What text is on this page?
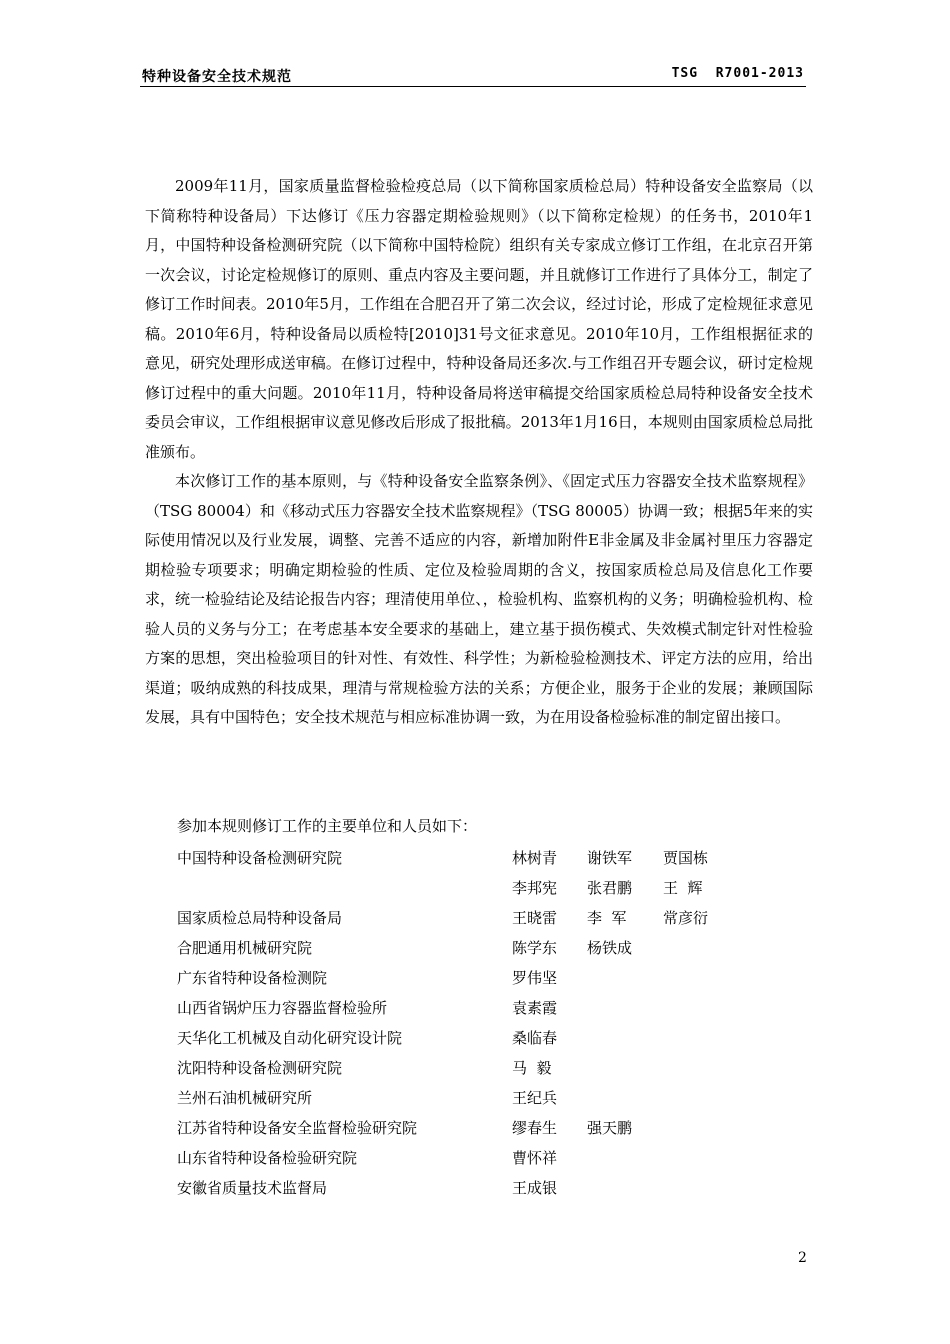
特种设备安全技术规范	TSG  R7001-2013

2009年11月，国家质量监督检验检疫总局（以下简称国家质检总局）特种设备安全监察局（以下简称特种设备局）下达修订《压力容器定期检验规则》（以下简称定检规）的任务书，2010年1月，中国特种设备检测研究院（以下简称中国特检院）组织有关专家成立修订工作组，在北京召开第一次会议，讨论定检规修订的原则、重点内容及主要问题，并且就修订工作进行了具体分工，制定了修订工作时间表。2010年5月，工作组在合肥召开了第二次会议，经过讨论，形成了定检规征求意见稿。2010年6月，特种设备局以质检特[2010]31号文征求意见。2010年10月，工作组根据征求的意见，研究处理形成送审稿。在修订过程中，特种设备局还多次.与工作组召开专题会议，研讨定检规修订过程中的重大问题。2010年11月，特种设备局将送审稿提交给国家质检总局特种设备安全技术委员会审议，工作组根据审议意见修改后形成了报批稿。2013年1月16日，本规则由国家质检总局批准颁布。

本次修订工作的基本原则，与《特种设备安全监察条例》、《固定式压力容器安全技术监察规程》（TSG 80004）和《移动式压力容器安全技术监察规程》（TSG 80005）协调一致；根据5年来的实际使用情况以及行业发展，调整、完善不适应的内容，新增加附件E非金属及非金属衬里压力容器定期检验专项要求；明确定期检验的性质、定位及检验周期的含义，按国家质检总局及信息化工作要求，统一检验结论及结论报告内容；理清使用单位、，检验机构、监察机构的义务；明确检验机构、检验人员的义务与分工；在考虑基本安全要求的基础上，建立基于损伤模式、失效模式制定针对性检验方案的思想，突出检验项目的针对性、有效性、科学性；为新检验检测技术、评定方法的应用，给出渠道；吸纳成熟的科技成果，理清与常规检验方法的关系；方便企业，服务于企业的发展；兼顾国际发展，具有中国特色；安全技术规范与相应标准协调一致，为在用设备检验标准的制定留出接口。

参加本规则修订工作的主要单位和人员如下：
中国特种设备检测研究院	林树青 谢铁军 贾国栋
李邦宪 张君鹏 王  辉
国家质检总局特种设备局	王晓雷 李  军 常彦衍
合肥通用机械研究院	陈学东 杨铁成
广东省特种设备检测院	罗伟坚
山西省锅炉压力容器监督检验所	袁素霞
天华化工机械及自动化研究设计院	桑临春
沈阳特种设备检测研究院	马  毅
兰州石油机械研究所	王纪兵
江苏省特种设备安全监督检验研究院	缪春生 强天鹏
山东省特种设备检验研究院	曹怀祥
安徽省质量技术监督局	王成银
2
